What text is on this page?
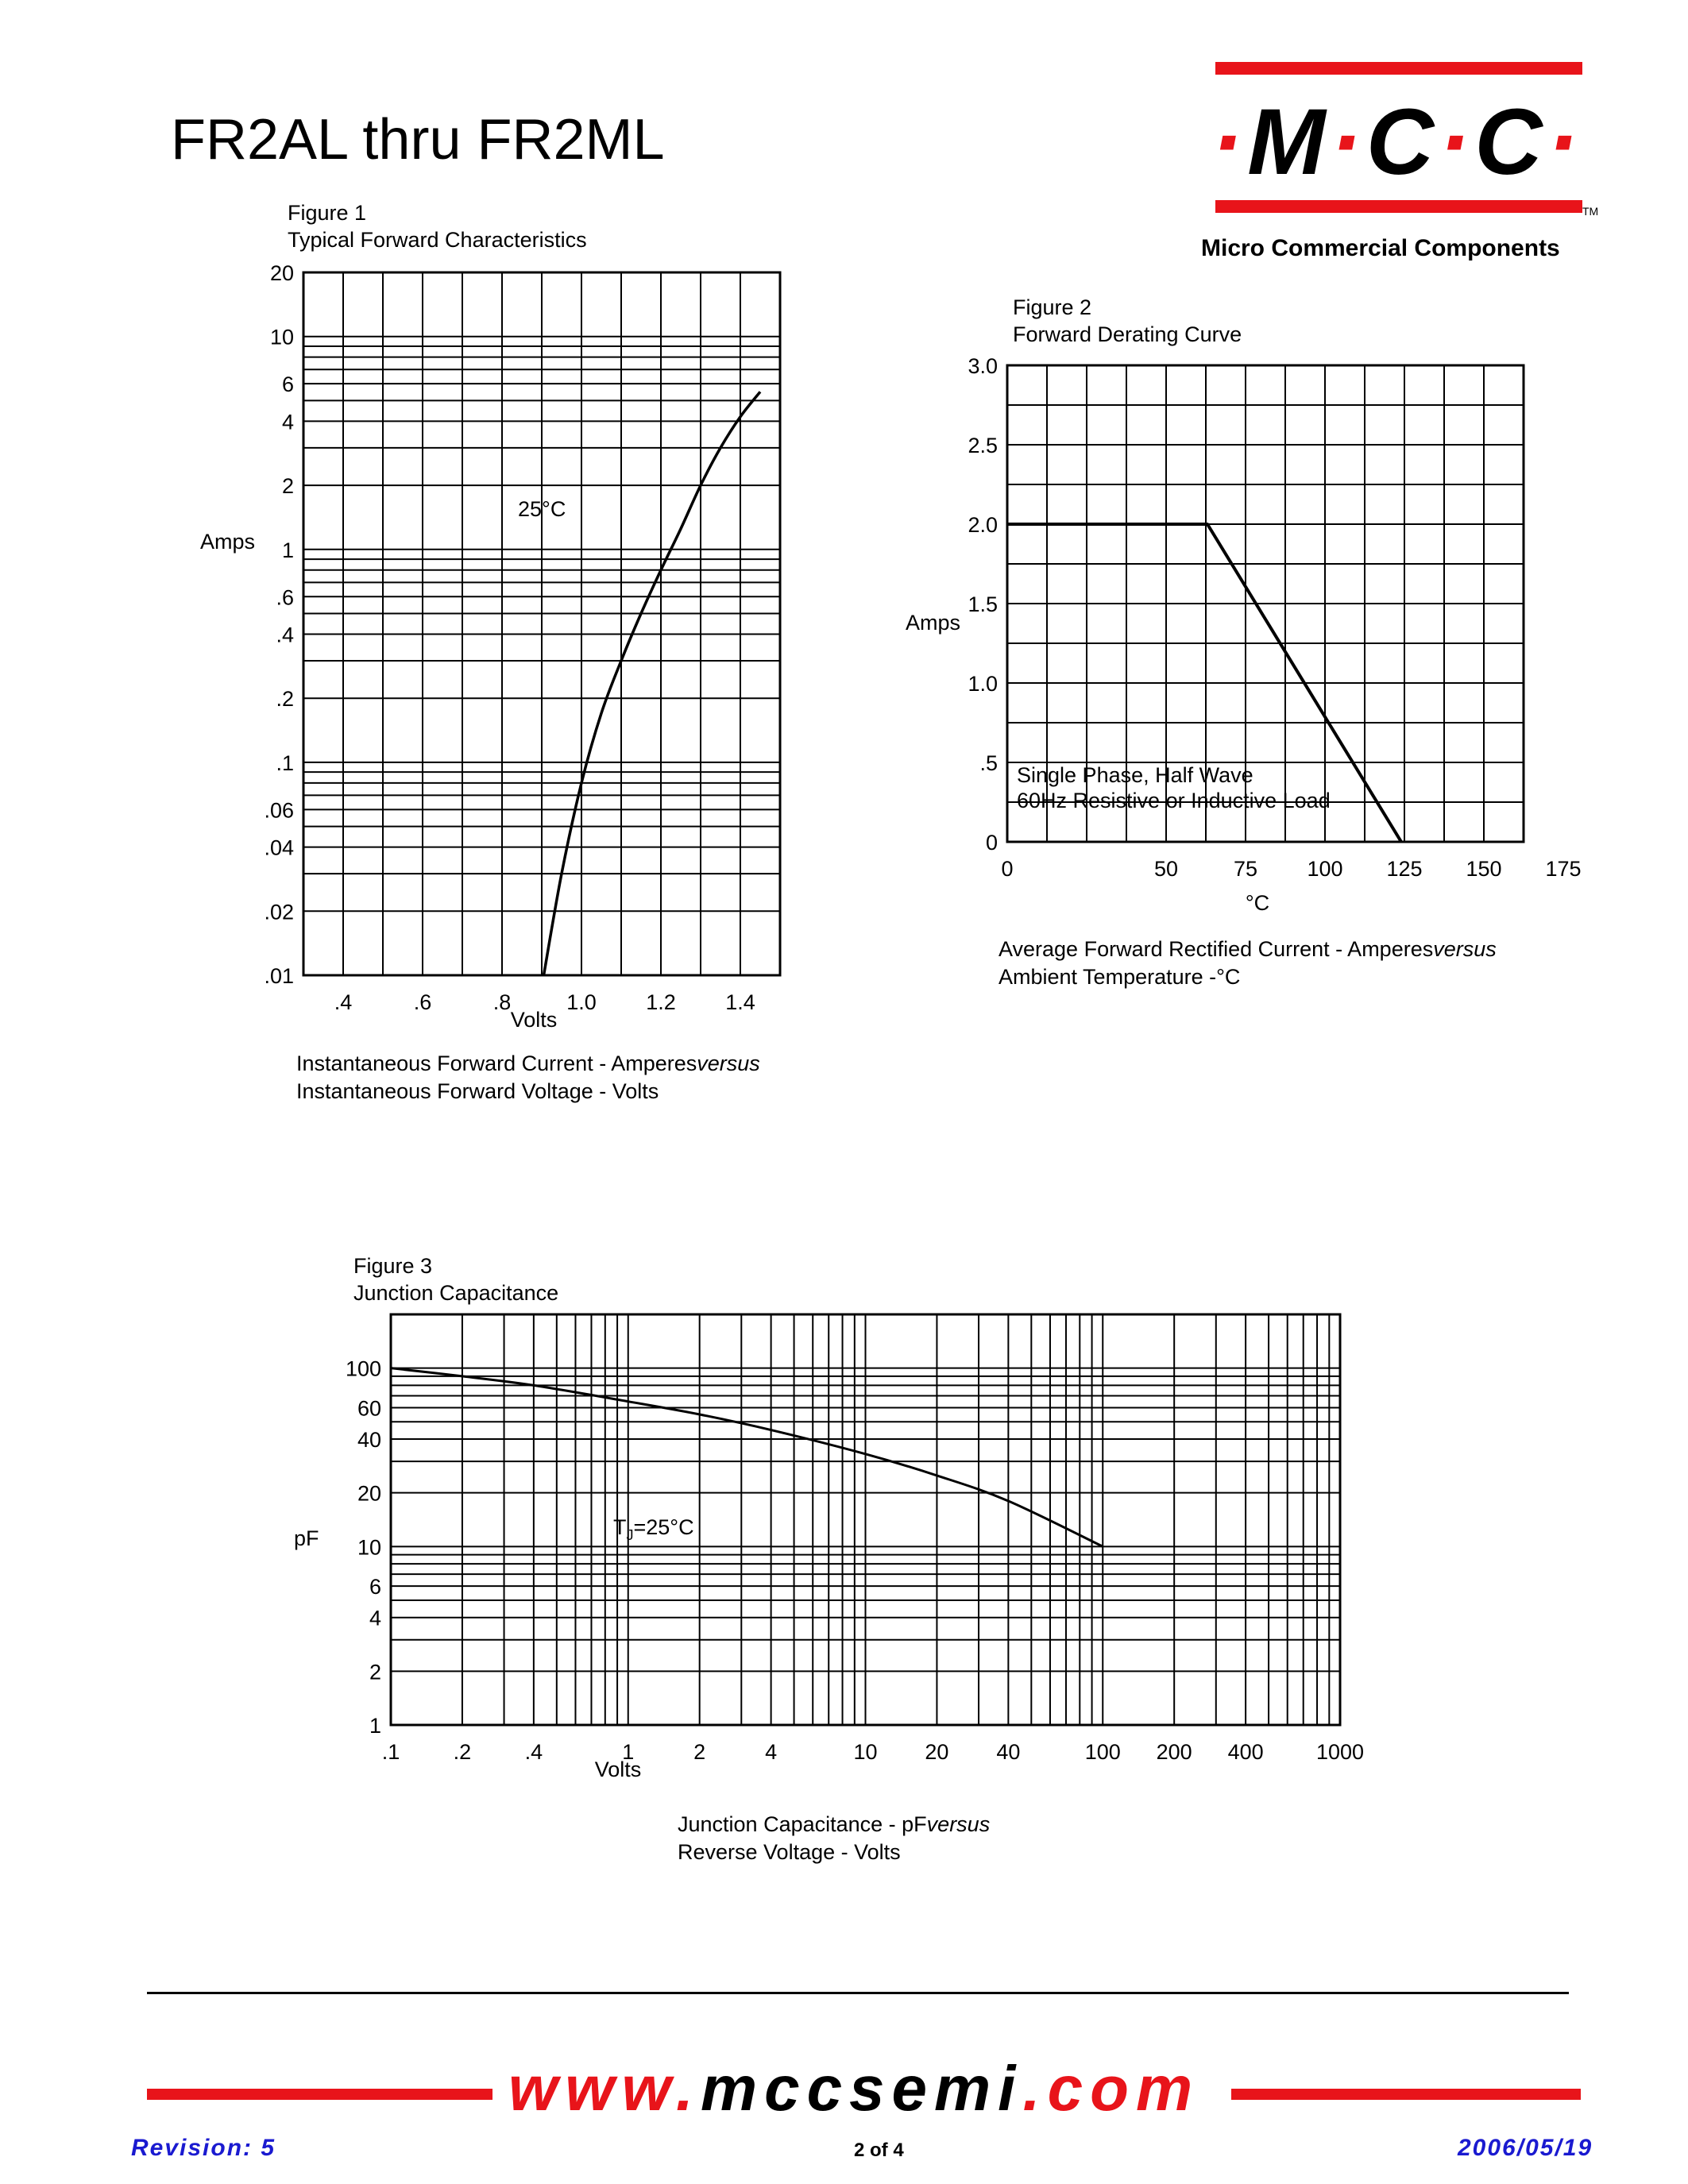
FR2AL thru FR2ML	·M·C·C·
TM
Micro Commercial Components
Figure 1
Typical Forward Characteristics
Figure 2
Forward Derating Curve
Figure 3
Junction Capacitance
.4	.6	.8	1.0 1.2 1.4
20
10
6
4
2
1
.6
.4
.2
.1
.06
.04
.02
.01
Volts
Amps
25°C
0	50	75 100 125 150 175
3.0
2.5
2.0
1.5
1.0
.5
0
°C
Amps
Single Phase, Half Wave
60Hz Resistive or Inductive Load
.1 .2 .4	1	2	4	10 20 40	100 200 400 1000
100
60
40
20
10
6
4
2
1
Volts
pF	$T_J=25^\circ C$
Instantaneous Forward Current - Amperesversus
Instantaneous Forward Voltage - Volts
Average Forward Rectified Current - Amperesversus
Ambient Temperature -°C
Junction Capacitance - pFversus
Reverse Voltage - Volts
www.mccsemi.com
Revision: 5	2 of 4	2006/05/19
